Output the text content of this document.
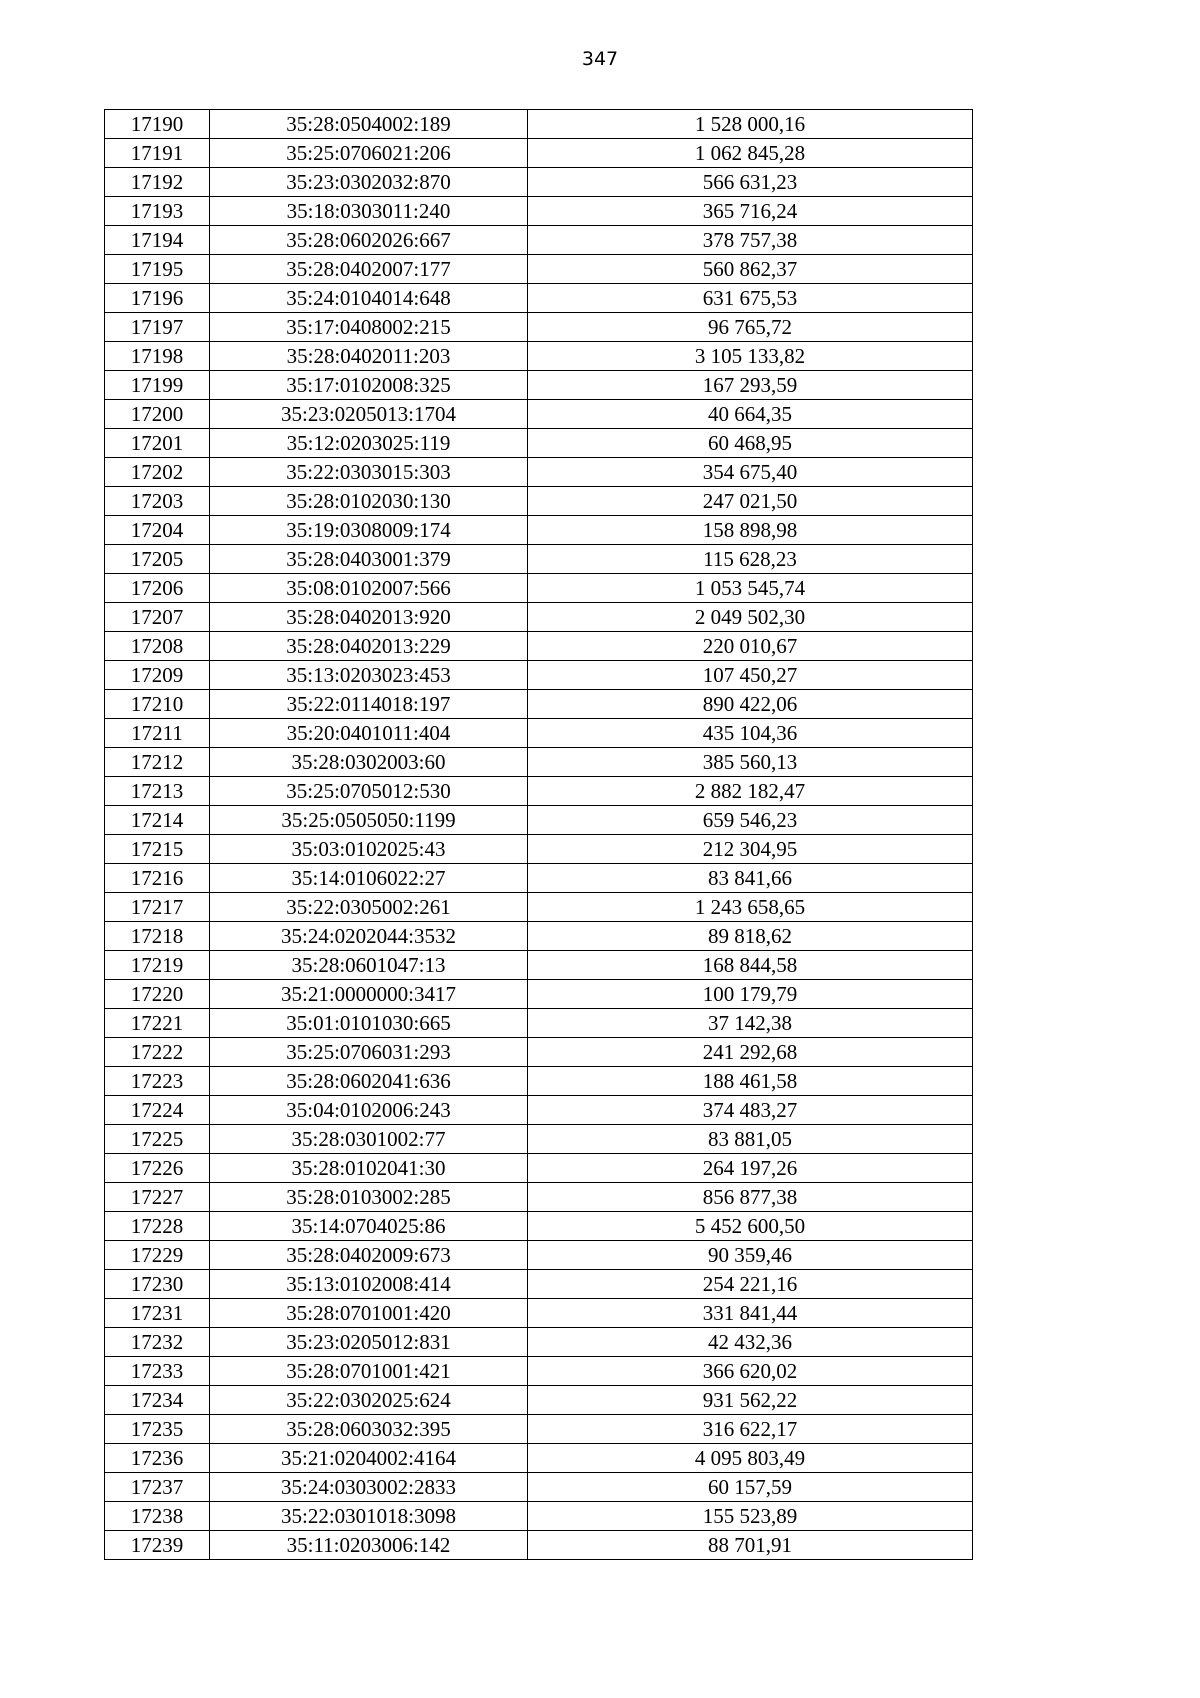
347
17190	35:28:0504002:189	1 528 000,16
17191	35:25:0706021:206	1 062 845,28
17192	35:23:0302032:870	566 631,23
17193	35:18:0303011:240	365 716,24
17194	35:28:0602026:667	378 757,38
17195	35:28:0402007:177	560 862,37
17196	35:24:0104014:648	631 675,53
17197	35:17:0408002:215	96 765,72
17198	35:28:0402011:203	3 105 133,82
17199	35:17:0102008:325	167 293,59
17200	35:23:0205013:1704	40 664,35
17201	35:12:0203025:119	60 468,95
17202	35:22:0303015:303	354 675,40
17203	35:28:0102030:130	247 021,50
17204	35:19:0308009:174	158 898,98
17205	35:28:0403001:379	115 628,23
17206	35:08:0102007:566	1 053 545,74
17207	35:28:0402013:920	2 049 502,30
17208	35:28:0402013:229	220 010,67
17209	35:13:0203023:453	107 450,27
17210	35:22:0114018:197	890 422,06
17211	35:20:0401011:404	435 104,36
17212	35:28:0302003:60	385 560,13
17213	35:25:0705012:530	2 882 182,47
17214	35:25:0505050:1199	659 546,23
17215	35:03:0102025:43	212 304,95
17216	35:14:0106022:27	83 841,66
17217	35:22:0305002:261	1 243 658,65
17218	35:24:0202044:3532	89 818,62
17219	35:28:0601047:13	168 844,58
17220	35:21:0000000:3417	100 179,79
17221	35:01:0101030:665	37 142,38
17222	35:25:0706031:293	241 292,68
17223	35:28:0602041:636	188 461,58
17224	35:04:0102006:243	374 483,27
17225	35:28:0301002:77	83 881,05
17226	35:28:0102041:30	264 197,26
17227	35:28:0103002:285	856 877,38
17228	35:14:0704025:86	5 452 600,50
17229	35:28:0402009:673	90 359,46
17230	35:13:0102008:414	254 221,16
17231	35:28:0701001:420	331 841,44
17232	35:23:0205012:831	42 432,36
17233	35:28:0701001:421	366 620,02
17234	35:22:0302025:624	931 562,22
17235	35:28:0603032:395	316 622,17
17236	35:21:0204002:4164	4 095 803,49
17237	35:24:0303002:2833	60 157,59
17238	35:22:0301018:3098	155 523,89
17239	35:11:0203006:142	88 701,91
